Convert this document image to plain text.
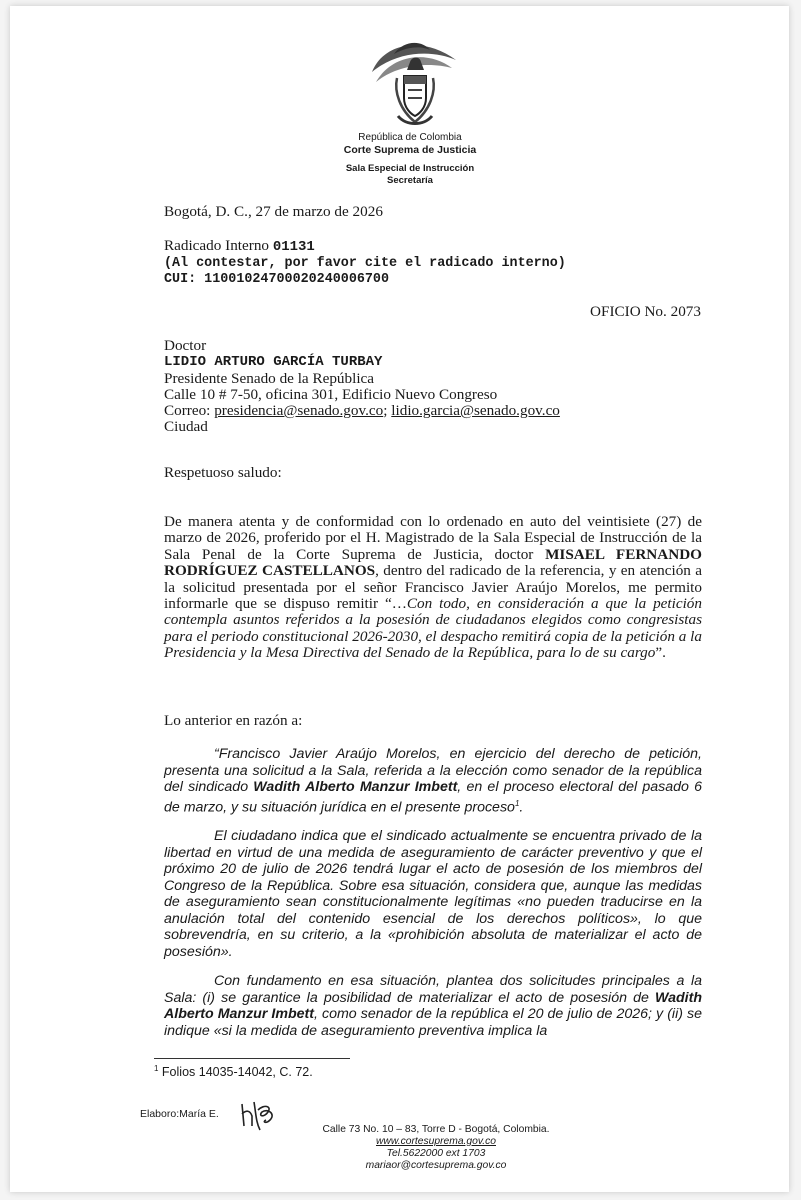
República de Colombia
Corte Suprema de Justicia
Sala Especial de Instrucción
Secretaría
Bogotá, D. C., 27 de marzo de 2026
Radicado Interno 01131
(Al contestar, por favor cite el radicado interno)
CUI: 11001024700020240006700
OFICIO No. 2073
Doctor
LIDIO ARTURO GARCÍA TURBAY
Presidente Senado de la República
Calle 10 # 7-50, oficina 301, Edificio Nuevo Congreso
Correo: presidencia@senado.gov.co; lidio.garcia@senado.gov.co
Ciudad
Respetuoso saludo:
De manera atenta y de conformidad con lo ordenado en auto del veintisiete (27) de marzo de 2026, proferido por el H. Magistrado de la Sala Especial de Instrucción de la Sala Penal de la Corte Suprema de Justicia, doctor MISAEL FERNANDO RODRÍGUEZ CASTELLANOS, dentro del radicado de la referencia, y en atención a la solicitud presentada por el señor Francisco Javier Araújo Morelos, me permito informarle que se dispuso remitir “…Con todo, en consideración a que la petición contempla asuntos referidos a la posesión de ciudadanos elegidos como congresistas para el periodo constitucional 2026-2030, el despacho remitirá copia de la petición a la Presidencia y la Mesa Directiva del Senado de la República, para lo de su cargo”.
Lo anterior en razón a:
“Francisco Javier Araújo Morelos, en ejercicio del derecho de petición, presenta una solicitud a la Sala, referida a la elección como senador de la república del sindicado Wadith Alberto Manzur Imbett, en el proceso electoral del pasado 6 de marzo, y su situación jurídica en el presente proceso$^1$.
El ciudadano indica que el sindicado actualmente se encuentra privado de la libertad en virtud de una medida de aseguramiento de carácter preventivo y que el próximo 20 de julio de 2026 tendrá lugar el acto de posesión de los miembros del Congreso de la República. Sobre esa situación, considera que, aunque las medidas de aseguramiento sean constitucionalmente legítimas «no pueden traducirse en la anulación total del contenido esencial de los derechos políticos», lo que sobrevendría, en su criterio, a la «prohibición absoluta de materializar el acto de posesión».
Con fundamento en esa situación, plantea dos solicitudes principales a la Sala: (i) se garantice la posibilidad de materializar el acto de posesión de Wadith Alberto Manzur Imbett, como senador de la república el 20 de julio de 2026; y (ii) se indique «si la medida de aseguramiento preventiva implica la
$^1$ Folios 14035-14042, C. 72.
Elaboro:María E.
Calle 73 No. 10 – 83, Torre D - Bogotá, Colombia.
www.cortesuprema.gov.co
Tel.5622000 ext 1703
mariaor@cortesuprema.gov.co
